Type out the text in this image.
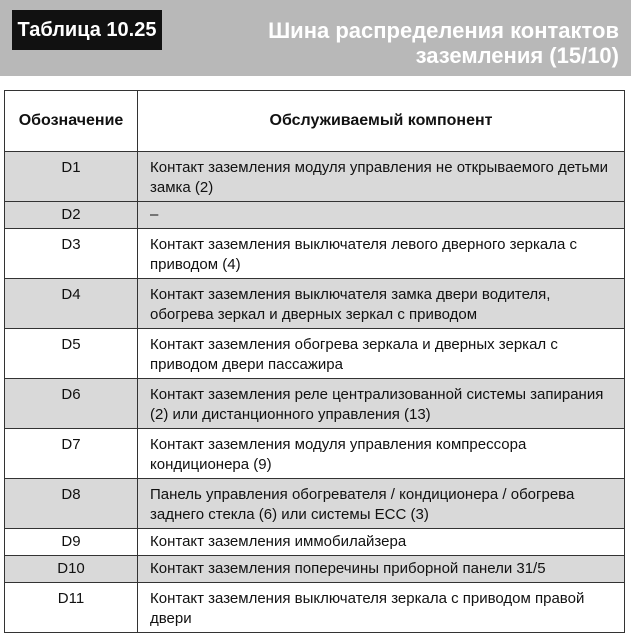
Таблица 10.25	Шина распределения контактов
заземления (15/10)
Обозначение	Обслуживаемый компонент
D1	Контакт заземления модуля управления не открываемого детьми замка (2)
D2	–
D3	Контакт заземления выключателя левого дверного зеркала с приводом (4)
D4	Контакт заземления выключателя замка двери водителя, обогрева зеркал и дверных зеркал с приводом
D5	Контакт заземления обогрева зеркала и дверных зеркал с приводом двери пассажира
D6	Контакт заземления реле централизованной системы запирания (2) или дистанционного управления (13)
D7	Контакт заземления модуля управления компрессора кондиционера (9)
D8	Панель управления обогревателя / кондиционера / обогрева заднего стекла (6) или системы ЕСС (3)
D9	Контакт заземления иммобилайзера
D10	Контакт заземления поперечины приборной панели 31/5
D11	Контакт заземления выключателя зеркала с приводом правой двери
